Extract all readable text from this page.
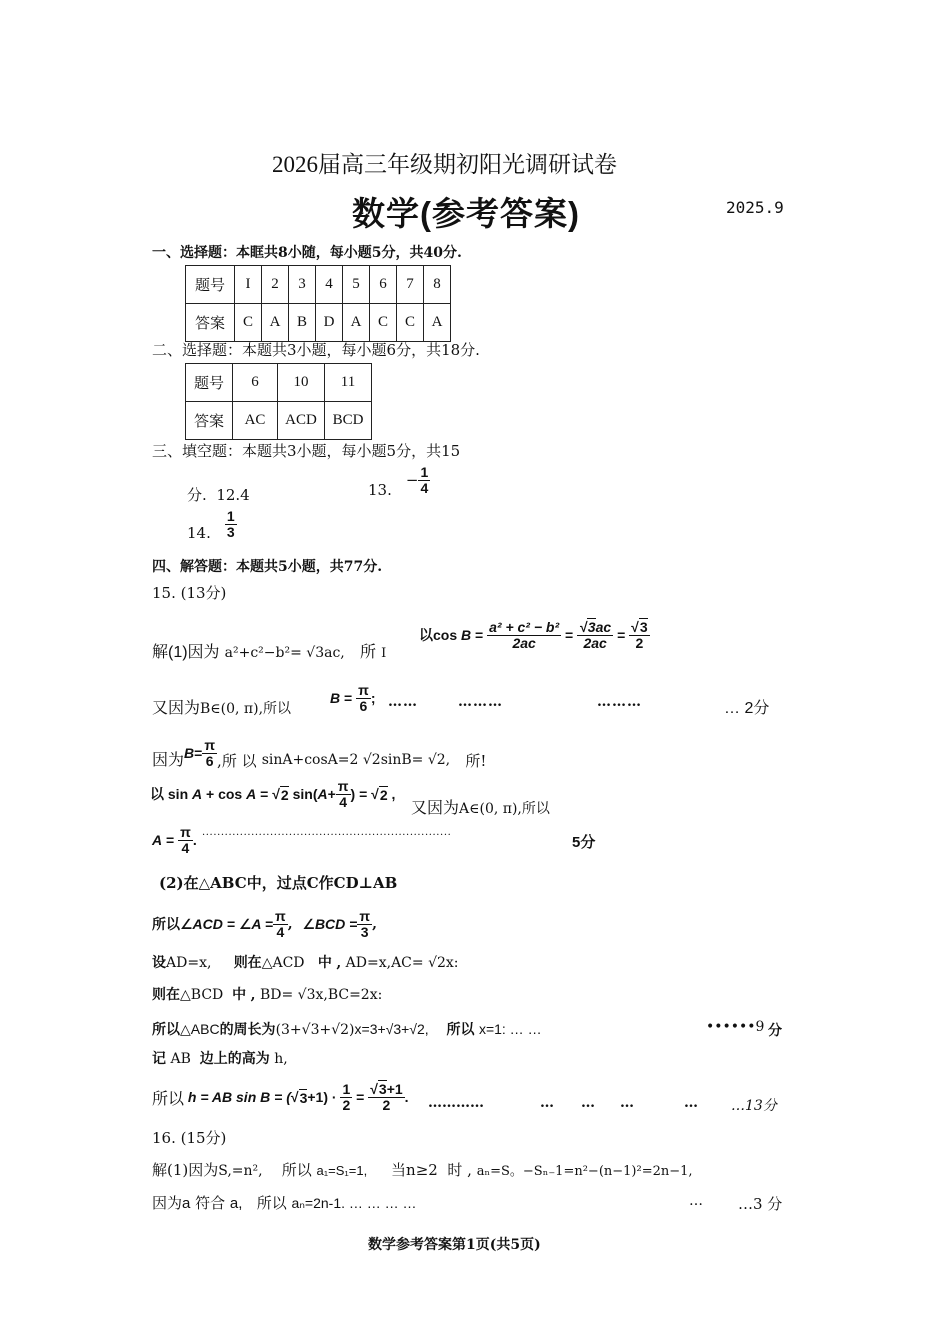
2026届高三年级期初阳光调研试卷
数学(参考答案)	2025.9
一、选择题：本眶共8小随，每小题5分，共40分.
题号	I	2	3	4	5	6	7	8
答案	C	A	B	D	A	C	C	A
二、选择题：本题共3小题，每小题6分，共18分.
题号	6	10	11
答案	AC	ACD	BCD
三、填空题：本题共3小题，每小题5分，共15
分. 12.4	13.
− $\frac{1}{4}$
14. $\frac{1}{3}$
四、解答题：本题共5小题，共77分.
15. (13分)
解(1)因为 a²+c²−b²= √3ac, 所 I
以cos
B
=
$\frac{\text{a² + c² − b²}}{2ac}$
=
$\frac{√3ac}{2ac}$
=
$\frac{√3}{2}$
又因为B∈(0, π),所以
B
=
$\frac{\pi}{6}$ ; ……	………	………	… 2分
因为 $B = \frac{\pi}{6}$ ,所 以
sinA+cosA=2 √2sinB= √2,
所!
以 sin
A
+ cos
A
= √ 2
sin( $A + \frac{\pi}{4}$ )
= √ 2
,
又因为A∈(0, π),所以
A
=
$\frac{\pi}{4}$ . ··································································	5分
(2)在△ABC中，过点C作CD⊥AB
所以 ∠ACD = ∠A = $\frac{\pi}{4}$ ,
∠BCD = $\frac{\pi}{3}$ ,
设AD=x, 则在△ACD 中 , AD=x,AC= √2x:
则在△BCD 中 , BD= √3x,BC=2x:
所以△ABC的周长为(3+√3+√2)x=3+√3+√2, 所以 x=1: … …	••••••9 分
记 AB 边上的高为 h,
所以
h
= AB sin B = ( √ 3 +1) ·
$\frac{1}{2}$
=
$\frac{√3+1}{2}$ . …………	… … …	… …13分
16. (15分)
解(1)因为S,=n², 所以 a₁=S₁=1, 当n≥2 时 , aₙ=S。−Sₙ₋1=n²−(n−1)²=2n−1,
因为a 符合 a, 所以 aₙ=2n-1. … … … …	… …3 分
数学参考答案第1页(共5页)
